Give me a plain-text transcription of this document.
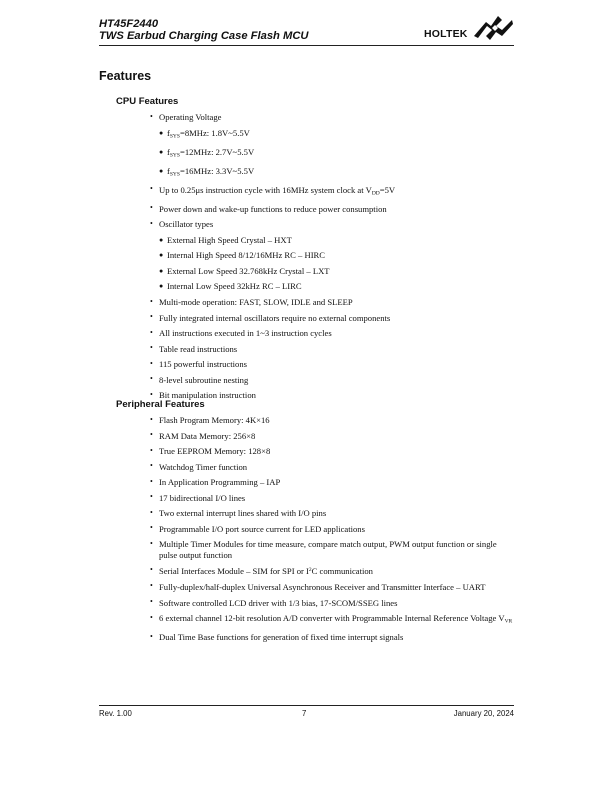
HT45F2440
TWS Earbud Charging Case Flash MCU	HOLTEK
Features
CPU Features
• Operating Voltage
● $f_{SYS}=8MHz$: 1.8V~5.5V
● $f_{SYS}=12MHz$: 2.7V~5.5V
● $f_{SYS}=16MHz$: 3.3V~5.5V
• Up to 0.25μs instruction cycle with 16MHz system clock at $V_{DD}=5V$
• Power down and wake-up functions to reduce power consumption
• Oscillator types
● External High Speed Crystal – HXT
● Internal High Speed 8/12/16MHz RC – HIRC
● External Low Speed 32.768kHz Crystal – LXT
● Internal Low Speed 32kHz RC – LIRC
• Multi-mode operation: FAST, SLOW, IDLE and SLEEP
• Fully integrated internal oscillators require no external components
• All instructions executed in 1~3 instruction cycles
• Table read instructions
• 115 powerful instructions
• 8-level subroutine nesting
• Bit manipulation instruction
Peripheral Features
• Flash Program Memory: 4K×16
• RAM Data Memory: 256×8
• True EEPROM Memory: 128×8
• Watchdog Timer function
• In Application Programming – IAP
• 17 bidirectional I/O lines
• Two external interrupt lines shared with I/O pins
• Programmable I/O port source current for LED applications
• Multiple Timer Modules for time measure, compare match output, PWM output function or single pulse output function
• Serial Interfaces Module – SIM for SPI or $I^2C$ communication
• Fully-duplex/half-duplex Universal Asynchronous Receiver and Transmitter Interface – UART
• Software controlled LCD driver with 1/3 bias, 17-SCOM/SSEG lines
• 6 external channel 12-bit resolution A/D converter with Programmable Internal Reference Voltage $V_{VR}$
• Dual Time Base functions for generation of fixed time interrupt signals
Rev. 1.00	7	January 20, 2024
